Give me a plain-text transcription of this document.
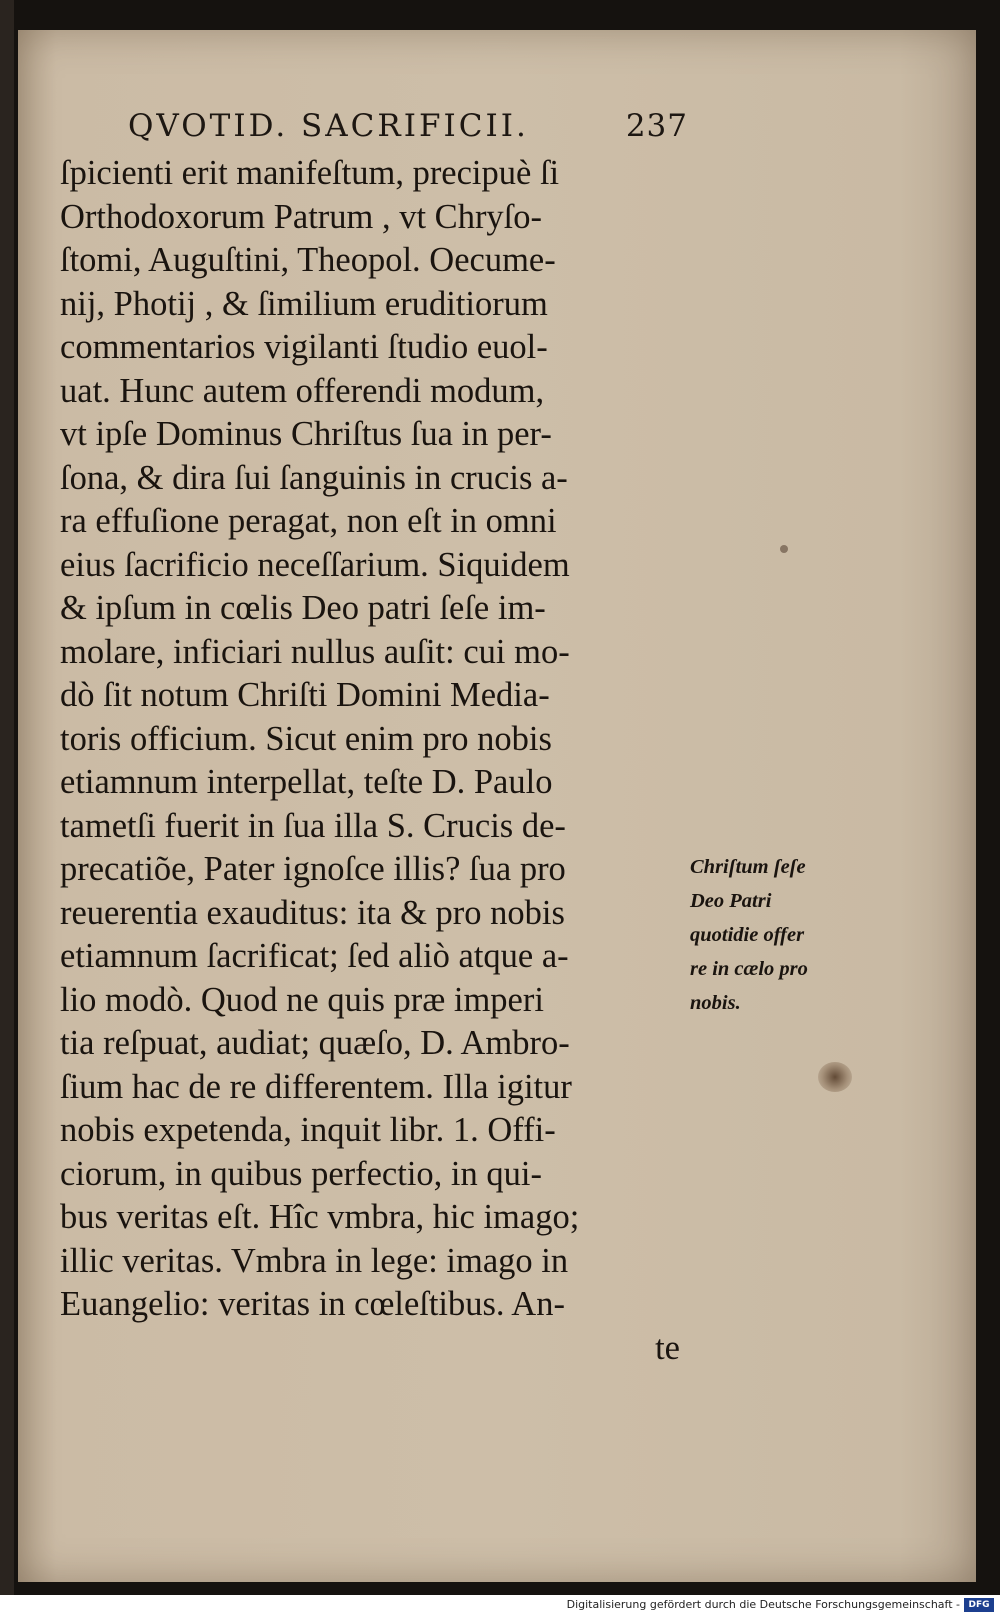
QVOTID. SACRIFICII.	237
ſpicienti erit manifeſtum, precipuè ſi
Orthodoxorum Patrum , vt Chryſo-
ſtomi, Auguſtini, Theopol. Oecume-
nij, Photij , & ſimilium eruditiorum
commentarios vigilanti ſtudio euol-
uat. Hunc autem offerendi modum,
vt ipſe Dominus Chriſtus ſua in per-
ſona, & dira ſui ſanguinis in crucis a-
ra effuſione peragat, non eſt in omni
eius ſacrificio neceſſarium. Siquidem
& ipſum in cœlis Deo patri ſeſe im-
molare, inficiari nullus auſit: cui mo-
dò ſit notum Chriſti Domini Media-
toris officium. Sicut enim pro nobis
etiamnum interpellat, teſte D. Paulo
tametſi fuerit in ſua illa S. Crucis de-
precatiõe, Pater ignoſce illis? ſua pro
reuerentia exauditus: ita & pro nobis
etiamnum ſacrificat; ſed aliò atque a-
lio modò. Quod ne quis præ imperi
tia reſpuat, audiat; quæſo, D. Ambro-
ſium hac de re differentem. Illa igitur
nobis expetenda, inquit libr. 1. Offi-
ciorum, in quibus perfectio, in qui-
bus veritas eſt. Hîc vmbra, hic imago;
illic veritas. Vmbra in lege: imago in
Euangelio: veritas in cœleſtibus. An-
te
Chriſtum ſeſe
Deo Patri
quotidie offer
re in cælo pro
nobis.
Digitalisierung gefördert durch die Deutsche Forschungsgemeinschaft - DFG
